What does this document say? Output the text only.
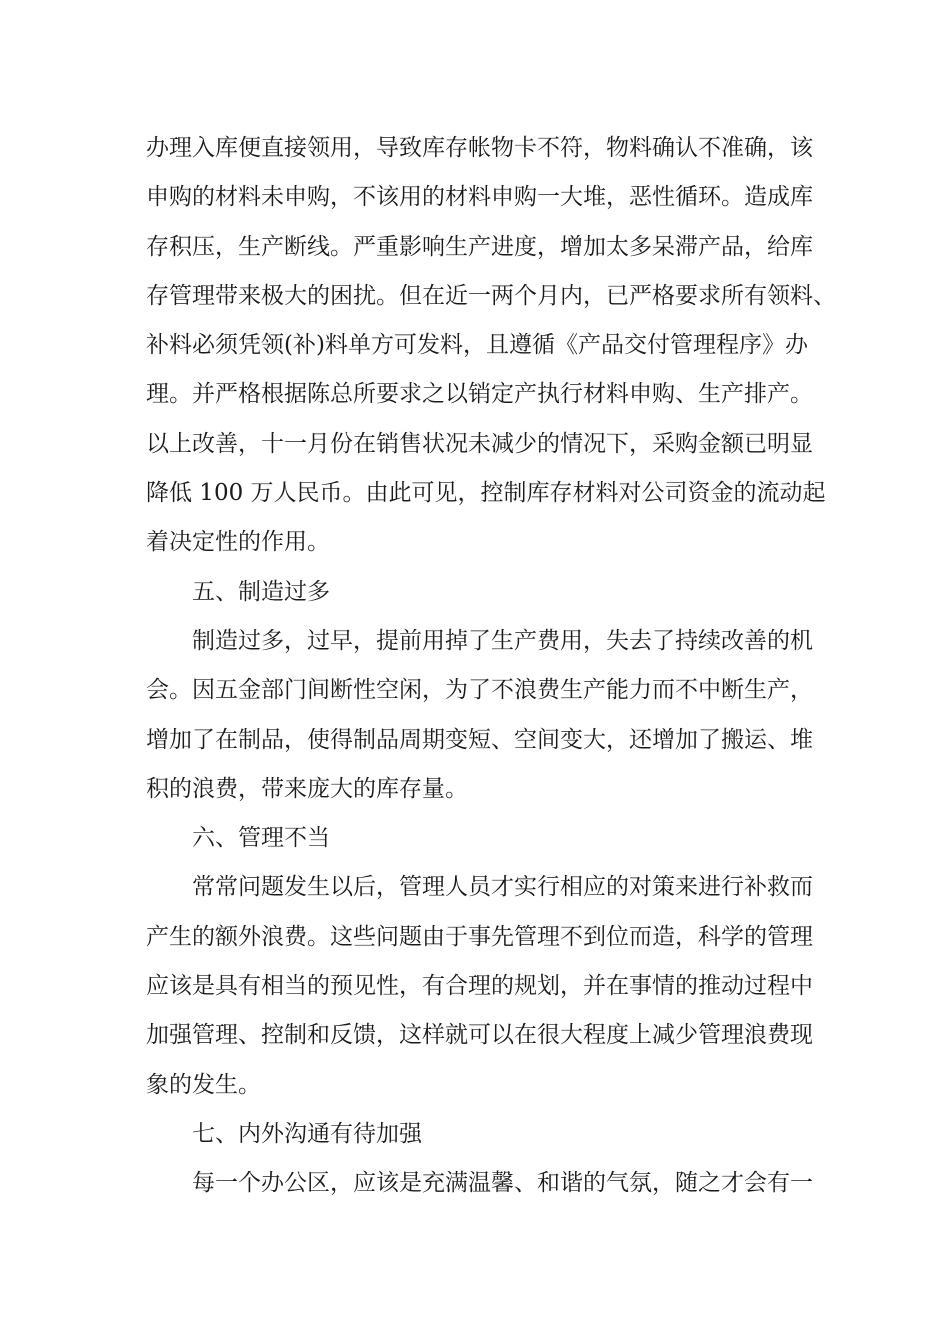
办理入库便直接领用，导致库存帐物卡不符，物料确认不准确，该
申购的材料未申购，不该用的材料申购一大堆，恶性循环。造成库
存积压，生产断线。严重影响生产进度，增加太多呆滞产品，给库
存管理带来极大的困扰。但在近一两个月内，已严格要求所有领料、
补料必须凭领(补)料单方可发料，且遵循《产品交付管理程序》办
理。并严格根据陈总所要求之以销定产执行材料申购、生产排产。
以上改善，十一月份在销售状况未减少的情况下，采购金额已明显
降低 100 万人民币。由此可见，控制库存材料对公司资金的流动起
着决定性的作用。
五、制造过多
制造过多，过早，提前用掉了生产费用，失去了持续改善的机
会。因五金部门间断性空闲，为了不浪费生产能力而不中断生产，
增加了在制品，使得制品周期变短、空间变大，还增加了搬运、堆
积的浪费，带来庞大的库存量。
六、管理不当
常常问题发生以后，管理人员才实行相应的对策来进行补救而
产生的额外浪费。这些问题由于事先管理不到位而造，科学的管理
应该是具有相当的预见性，有合理的规划，并在事情的推动过程中
加强管理、控制和反馈，这样就可以在很大程度上减少管理浪费现
象的发生。
七、内外沟通有待加强
每一个办公区，应该是充满温馨、和谐的气氛，随之才会有一
